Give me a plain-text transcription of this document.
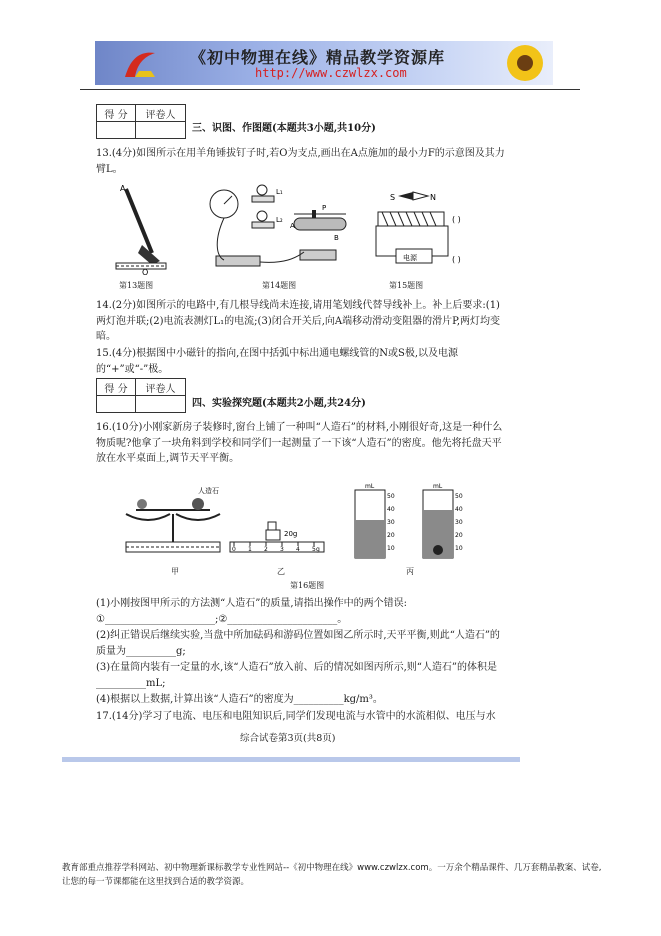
《初中物理在线》精品教学资源库
http://www.czwlzx.com
得 分	评卷人

三、识图、作图题(本题共3小题,共10分)
13.(4分)如图所示在用羊角锤拔钉子时,若O为支点,画出在A点施加的最小力F的示意图及其力臂L。
A
O
第13题图
L₁
L₂
P
A
B
第14题图
S	N
( )
电源	( )
第15题图
14.(2分)如图所示的电路中,有几根导线尚未连接,请用笔划线代替导线补上。补上后要求:(1)两灯泡并联;(2)电流表测灯L₁的电流;(3)闭合开关后,向A端移动滑动变阻器的滑片P,两灯均变暗。
15.(4分)根据图中小磁针的指向,在图中括弧中标出通电螺线管的N或S极,以及电源的“+”或“-”极。
得 分	评卷人

四、实验探究题(本题共2小题,共24分)
16.(10分)小刚家新房子装修时,窗台上铺了一种叫“人造石”的材料,小刚很好奇,这是一种什么物质呢?他拿了一块角料到学校和同学们一起测量了一下该“人造石”的密度。他先将托盘天平放在水平桌面上,调节天平平衡。
人造石
20g
0 1 2 3 4 5 g
mL	mL
50	50
40	40
30	30
20	20
10	10
甲	乙	丙
第16题图
(1)小刚按图甲所示的方法测“人造石”的质量,请指出操作中的两个错误:
①______________________;②______________________。
(2)纠正错误后继续实验,当盘中所加砝码和游码位置如图乙所示时,天平平衡,则此“人造石”的质量为__________g;
(3)在量筒内装有一定量的水,该“人造石”放入前、后的情况如图丙所示,则“人造石”的体积是__________mL;
(4)根据以上数据,计算出该“人造石”的密度为__________kg/m³。
17.(14分)学习了电流、电压和电阻知识后,同学们发现电流与水管中的水流相似、电压与水
综合试卷第3页(共8页)
教育部重点推荐学科网站、初中物理新课标教学专业性网站--《初中物理在线》www.czwlzx.com。一万余个精品课件、几万套精品教案、试卷,让您的每一节课都能在这里找到合适的教学资源。
